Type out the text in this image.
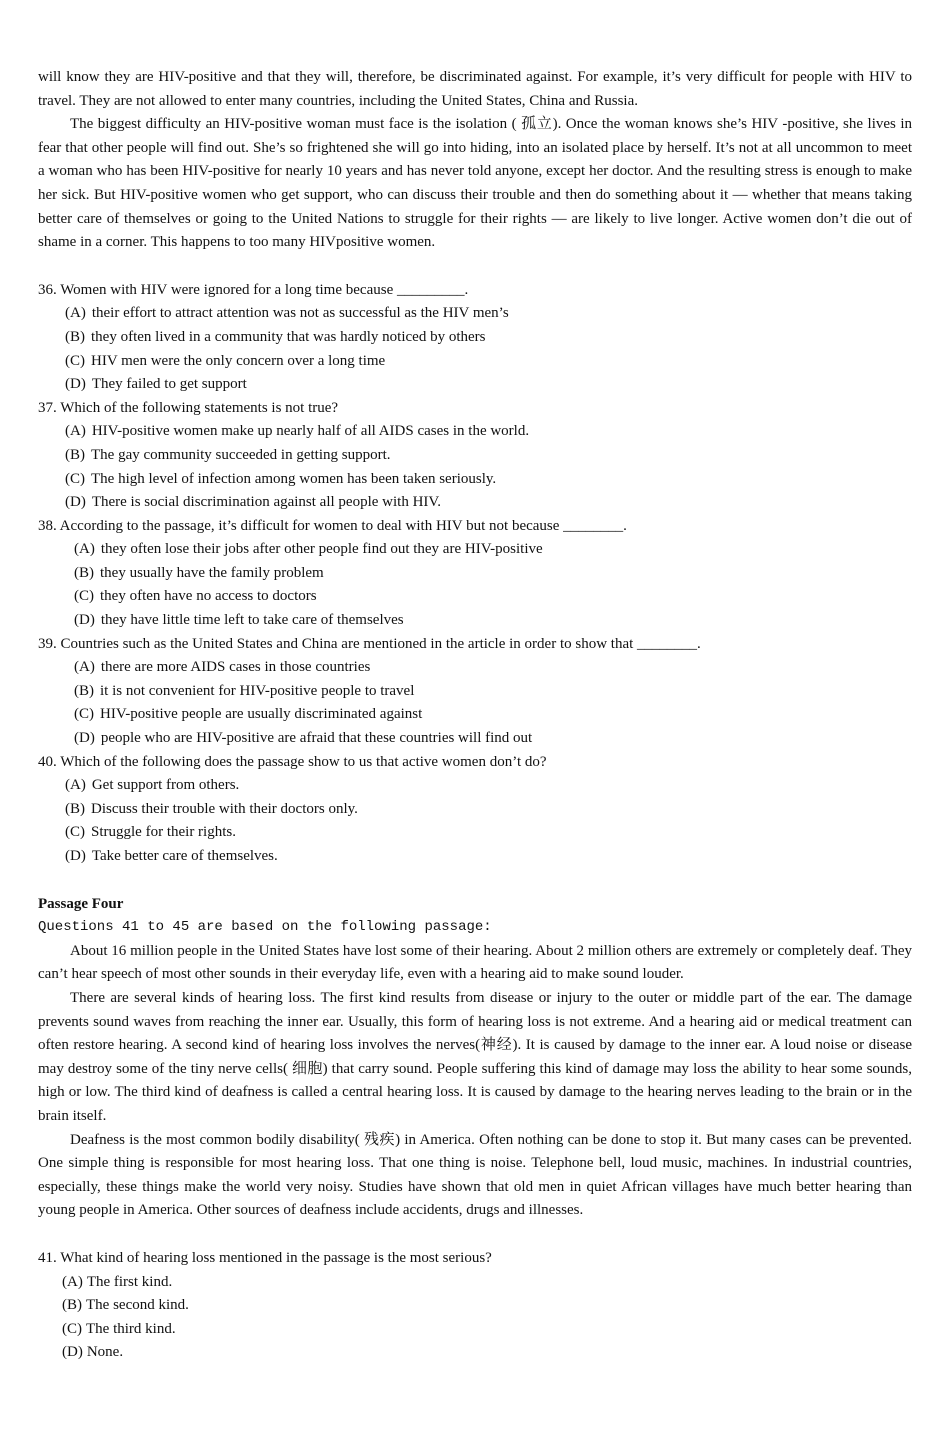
will know they are HIV-positive and that they will, therefore, be discriminated against. For example, it’s very difficult for people with HIV to travel. They are not allowed to enter many countries, including the United States, China and Russia.

The biggest difficulty an HIV-positive woman must face is the isolation ( 孤立). Once the woman knows she’s HIV -positive, she lives in fear that other people will find out. She’s so frightened she will go into hiding, into an isolated place by herself. It’s not at all uncommon to meet a woman who has been HIV-positive for nearly 10 years and has never told anyone, except her doctor. And the resulting stress is enough to make her sick. But HIV-positive women who get support, who can discuss their trouble and then do something about it — whether that means taking better care of themselves or going to the United Nations to struggle for their rights — are likely to live longer. Active women don’t die out of shame in a corner. This happens to too many HIVpositive women.

36. Women with HIV were ignored for a long time because _________.

(A) their effort to attract attention was not as successful as the HIV men’s

(B) they often lived in a community that was hardly noticed by others

(C) HIV men were the only concern over a long time

(D) They failed to get support

37. Which of the following statements is not true?

(A) HIV-positive women make up nearly half of all AIDS cases in the world.

(B) The gay community succeeded in getting support.

(C) The high level of infection among women has been taken seriously.

(D) There is social discrimination against all people with HIV.

38. According to the passage, it’s difficult for women to deal with HIV but not because ________.

(A) they often lose their jobs after other people find out they are HIV-positive

(B) they usually have the family problem

(C) they often have no access to doctors

(D) they have little time left to take care of themselves

39. Countries such as the United States and China are mentioned in the article in order to show that ________.

(A) there are more AIDS cases in those countries

(B) it is not convenient for HIV-positive people to travel

(C) HIV-positive people are usually discriminated against

(D) people who are HIV-positive are afraid that these countries will find out

40. Which of the following does the passage show to us that active women don’t do?

(A) Get support from others.

(B) Discuss their trouble with their doctors only.

(C) Struggle for their rights.

(D) Take better care of themselves.

Passage Four

Questions 41 to 45 are based on the following passage:

About 16 million people in the United States have lost some of their hearing. About 2 million others are extremely or completely deaf. They can’t hear speech of most other sounds in their everyday life, even with a hearing aid to make sound louder.

There are several kinds of hearing loss. The first kind results from disease or injury to the outer or middle part of the ear. The damage prevents sound waves from reaching the inner ear. Usually, this form of hearing loss is not extreme. And a hearing aid or medical treatment can often restore hearing. A second kind of hearing loss involves the nerves(神经). It is caused by damage to the inner ear. A loud noise or disease may destroy some of the tiny nerve cells( 细胞) that carry sound. People suffering this kind of damage may loss the ability to hear some sounds, high or low. The third kind of deafness is called a central hearing loss. It is caused by damage to the hearing nerves leading to the brain or in the brain itself.

Deafness is the most common bodily disability( 残疾) in America. Often nothing can be done to stop it. But many cases can be prevented. One simple thing is responsible for most hearing loss. That one thing is noise. Telephone bell, loud music, machines. In industrial countries, especially, these things make the world very noisy. Studies have shown that old men in quiet African villages have much better hearing than young people in America. Other sources of deafness include accidents, drugs and illnesses.

41. What kind of hearing loss mentioned in the passage is the most serious?

(A) The first kind.

(B) The second kind.

(C) The third kind.

(D) None.
